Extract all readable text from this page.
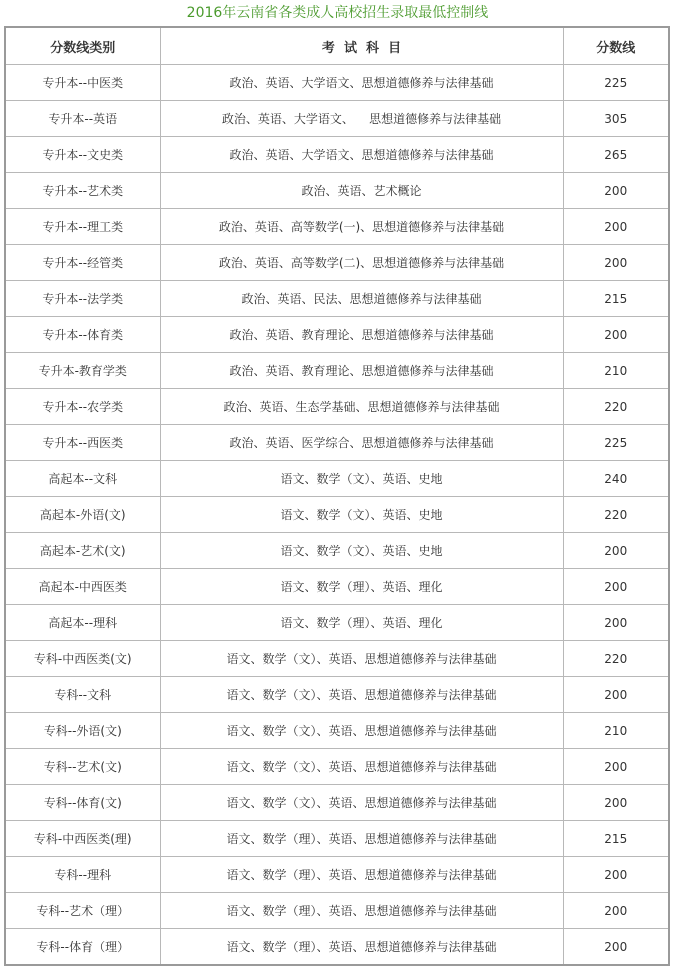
2016年云南省各类成人高校招生录取最低控制线
分数线类别	考  试  科  目	分数线
专升本--中医类	政治、英语、大学语文、思想道德修养与法律基础	225
专升本--英语	政治、英语、大学语文、    思想道德修养与法律基础	305
专升本--文史类	政治、英语、大学语文、思想道德修养与法律基础	265
专升本--艺术类	政治、英语、艺术概论	200
专升本--理工类	政治、英语、高等数学(一)、思想道德修养与法律基础	200
专升本--经管类	政治、英语、高等数学(二)、思想道德修养与法律基础	200
专升本--法学类	政治、英语、民法、思想道德修养与法律基础	215
专升本--体育类	政治、英语、教育理论、思想道德修养与法律基础	200
专升本-教育学类	政治、英语、教育理论、思想道德修养与法律基础	210
专升本--农学类	政治、英语、生态学基础、思想道德修养与法律基础	220
专升本--西医类	政治、英语、医学综合、思想道德修养与法律基础	225
高起本--文科	语文、数学（文）、英语、史地	240
高起本-外语(文)	语文、数学（文）、英语、史地	220
高起本-艺术(文)	语文、数学（文）、英语、史地	200
高起本-中西医类	语文、数学（理）、英语、理化	200
高起本--理科	语文、数学（理）、英语、理化	200
专科-中西医类(文)	语文、数学（文）、英语、思想道德修养与法律基础	220
专科--文科	语文、数学（文）、英语、思想道德修养与法律基础	200
专科--外语(文)	语文、数学（文）、英语、思想道德修养与法律基础	210
专科--艺术(文)	语文、数学（文）、英语、思想道德修养与法律基础	200
专科--体育(文)	语文、数学（文）、英语、思想道德修养与法律基础	200
专科-中西医类(理)	语文、数学（理）、英语、思想道德修养与法律基础	215
专科--理科	语文、数学（理）、英语、思想道德修养与法律基础	200
专科--艺术（理）	语文、数学（理）、英语、思想道德修养与法律基础	200
专科--体育（理）	语文、数学（理）、英语、思想道德修养与法律基础	200
